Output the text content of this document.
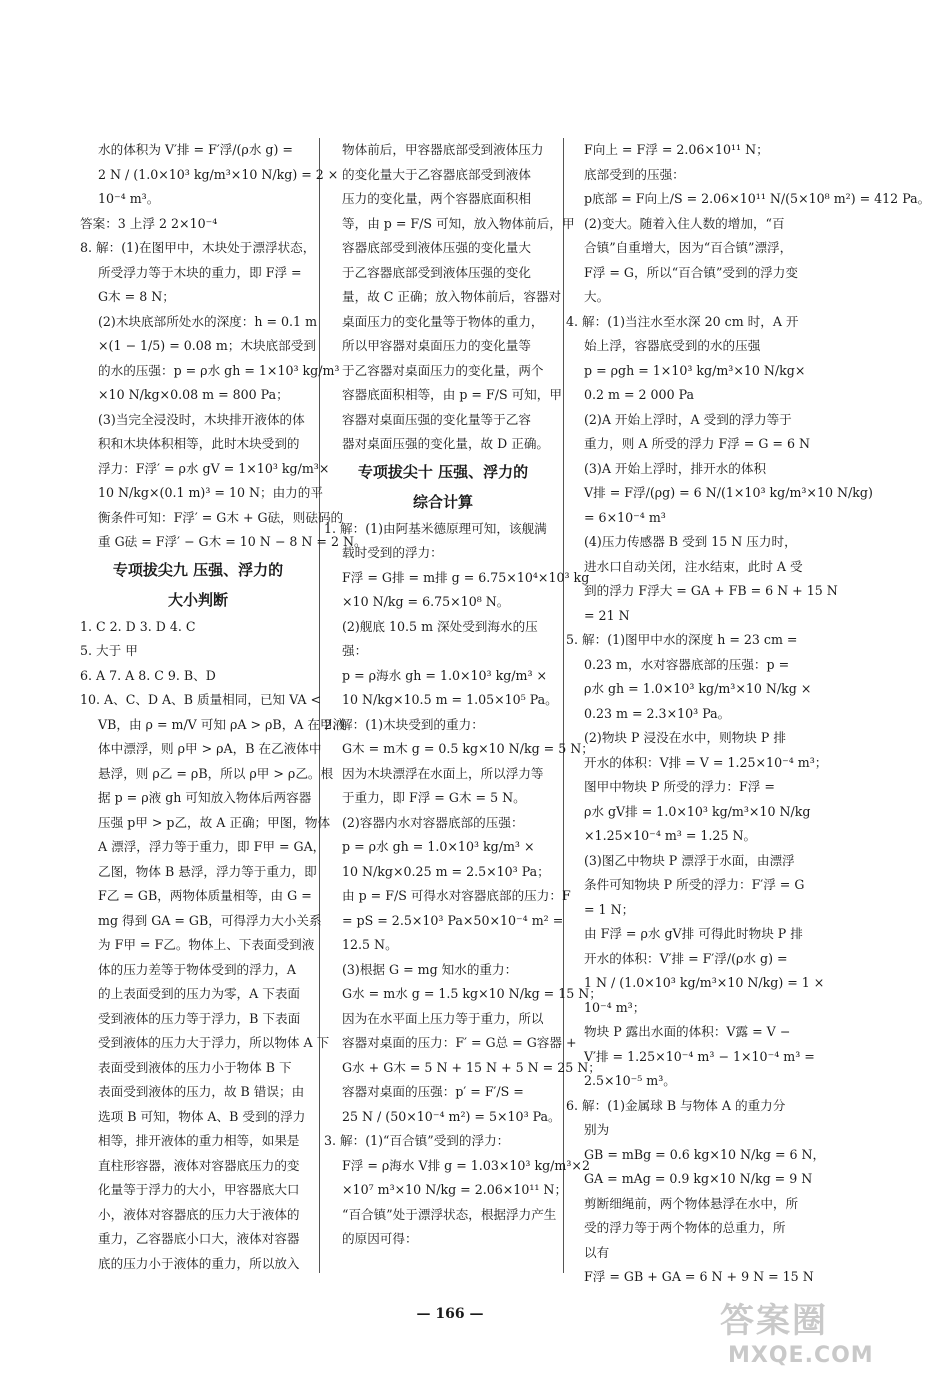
水的体积为 V′排 = F′浮/(ρ水 g) =
2 N / (1.0×10³ kg/m³×10 N/kg) = 2 ×
10⁻⁴ m³。
答案：3 上浮 2 2×10⁻⁴
8. 解：(1)在图甲中，木块处于漂浮状态，
所受浮力等于木块的重力，即 F浮 =
G木 = 8 N；
(2)木块底部所处水的深度：h = 0.1 m
×(1 − 1/5) = 0.08 m；木块底部受到
的水的压强：p = ρ水 gh = 1×10³ kg/m³
×10 N/kg×0.08 m = 800 Pa；
(3)当完全浸没时，木块排开液体的体
积和木块体积相等，此时木块受到的
浮力：F浮′ = ρ水 gV = 1×10³ kg/m³×
10 N/kg×(0.1 m)³ = 10 N；由力的平
衡条件可知：F浮′ = G木 + G砝，则砝码的
重 G砝 = F浮′ − G木 = 10 N − 8 N = 2 N。
专项拔尖九 压强、浮力的
大小判断
1. C 2. D 3. D 4. C
5. 大于 甲
6. A 7. A 8. C 9. B、D
10. A、C、D A、B 质量相同，已知 VA <
VB，由 ρ = m/V 可知 ρA > ρB，A 在甲液
体中漂浮，则 ρ甲 > ρA，B 在乙液体中
悬浮，则 ρ乙 = ρB，所以 ρ甲 > ρ乙。根
据 p = ρ液 gh 可知放入物体后两容器
压强 p甲 > p乙，故 A 正确；甲图，物体
A 漂浮，浮力等于重力，即 F甲 = GA，
乙图，物体 B 悬浮，浮力等于重力，即
F乙 = GB，两物体质量相等，由 G =
mg 得到 GA = GB，可得浮力大小关系
为 F甲 = F乙。物体上、下表面受到液
体的压力差等于物体受到的浮力，A
的上表面受到的压力为零，A 下表面
受到液体的压力等于浮力，B 下表面
受到液体的压力大于浮力，所以物体 A 下
表面受到液体的压力小于物体 B 下
表面受到液体的压力，故 B 错误；由
选项 B 可知，物体 A、B 受到的浮力
相等，排开液体的重力相等，如果是
直柱形容器，液体对容器底压力的变
化量等于浮力的大小，甲容器底大口
小，液体对容器底的压力大于液体的
重力，乙容器底小口大，液体对容器
底的压力小于液体的重力，所以放入
物体前后，甲容器底部受到液体压力
的变化量大于乙容器底部受到液体
压力的变化量，两个容器底面积相
等，由 p = F/S 可知，放入物体前后，甲
容器底部受到液体压强的变化量大
于乙容器底部受到液体压强的变化
量，故 C 正确；放入物体前后，容器对
桌面压力的变化量等于物体的重力，
所以甲容器对桌面压力的变化量等
于乙容器对桌面压力的变化量，两个
容器底面积相等，由 p = F/S 可知，甲
容器对桌面压强的变化量等于乙容
器对桌面压强的变化量，故 D 正确。
专项拔尖十 压强、浮力的
综合计算
1. 解：(1)由阿基米德原理可知，该舰满
载时受到的浮力：
F浮 = G排 = m排 g = 6.75×10⁴×10³ kg
×10 N/kg = 6.75×10⁸ N。
(2)舰底 10.5 m 深处受到海水的压
强：
p = ρ海水 gh = 1.0×10³ kg/m³ ×
10 N/kg×10.5 m = 1.05×10⁵ Pa。
2. 解：(1)木块受到的重力：
G木 = m木 g = 0.5 kg×10 N/kg = 5 N；
因为木块漂浮在水面上，所以浮力等
于重力，即 F浮 = G木 = 5 N。
(2)容器内水对容器底部的压强：
p = ρ水 gh = 1.0×10³ kg/m³ ×
10 N/kg×0.25 m = 2.5×10³ Pa；
由 p = F/S 可得水对容器底部的压力：F
= pS = 2.5×10³ Pa×50×10⁻⁴ m² =
12.5 N。
(3)根据 G = mg 知水的重力：
G水 = m水 g = 1.5 kg×10 N/kg = 15 N；
因为在水平面上压力等于重力，所以
容器对桌面的压力：F′ = G总 = G容器 +
G水 + G木 = 5 N + 15 N + 5 N = 25 N；
容器对桌面的压强：p′ = F′/S =
25 N / (50×10⁻⁴ m²) = 5×10³ Pa。
3. 解：(1)“百合镇”受到的浮力：
F浮 = ρ海水 V排 g = 1.03×10³ kg/m³×2
×10⁷ m³×10 N/kg = 2.06×10¹¹ N；
“百合镇”处于漂浮状态，根据浮力产生
的原因可得：
F向上 = F浮 = 2.06×10¹¹ N；
底部受到的压强：
p底部 = F向上/S = 2.06×10¹¹ N/(5×10⁸ m²) = 412 Pa。
(2)变大。随着入住人数的增加，“百
合镇”自重增大，因为“百合镇”漂浮，
F浮 = G，所以“百合镇”受到的浮力变
大。
4. 解：(1)当注水至水深 20 cm 时，A 开
始上浮，容器底受到的水的压强
p = ρgh = 1×10³ kg/m³×10 N/kg×
0.2 m = 2 000 Pa
(2)A 开始上浮时，A 受到的浮力等于
重力，则 A 所受的浮力 F浮 = G = 6 N
(3)A 开始上浮时，排开水的体积
V排 = F浮/(ρg) = 6 N/(1×10³ kg/m³×10 N/kg)
= 6×10⁻⁴ m³
(4)压力传感器 B 受到 15 N 压力时，
进水口自动关闭，注水结束，此时 A 受
到的浮力 F浮大 = GA + FB = 6 N + 15 N
= 21 N
5. 解：(1)图甲中水的深度 h = 23 cm =
0.23 m，水对容器底部的压强：p =
ρ水 gh = 1.0×10³ kg/m³×10 N/kg ×
0.23 m = 2.3×10³ Pa。
(2)物块 P 浸没在水中，则物块 P 排
开水的体积：V排 = V = 1.25×10⁻⁴ m³；
图甲中物块 P 所受的浮力：F浮 =
ρ水 gV排 = 1.0×10³ kg/m³×10 N/kg
×1.25×10⁻⁴ m³ = 1.25 N。
(3)图乙中物块 P 漂浮于水面，由漂浮
条件可知物块 P 所受的浮力：F′浮 = G
= 1 N；
由 F浮 = ρ水 gV排 可得此时物块 P 排
开水的体积：V′排 = F′浮/(ρ水 g) =
1 N / (1.0×10³ kg/m³×10 N/kg) = 1 ×
10⁻⁴ m³；
物块 P 露出水面的体积：V露 = V −
V′排 = 1.25×10⁻⁴ m³ − 1×10⁻⁴ m³ =
2.5×10⁻⁵ m³。
6. 解：(1)金属球 B 与物体 A 的重力分
别为
GB = mBg = 0.6 kg×10 N/kg = 6 N，
GA = mAg = 0.9 kg×10 N/kg = 9 N
剪断细绳前，两个物体悬浮在水中，所
受的浮力等于两个物体的总重力，所
以有
F浮 = GB + GA = 6 N + 9 N = 15 N
— 166 —	答案圈
MXQE.COM
